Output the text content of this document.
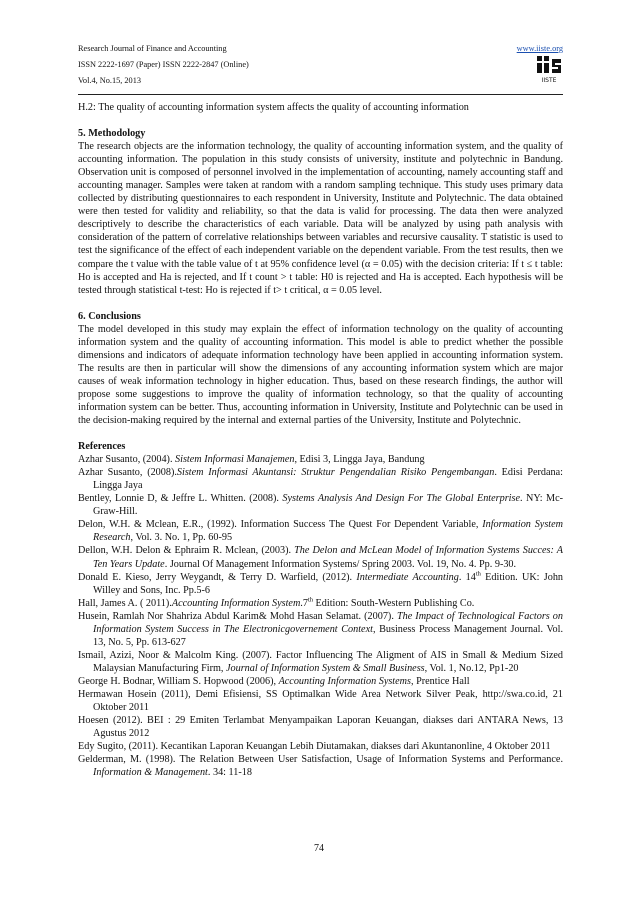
Research Journal of Finance and Accounting
ISSN 2222-1697 (Paper) ISSN 2222-2847 (Online)
Vol.4, No.15, 2013
www.iiste.org
IISTE

H.2: The quality of accounting information system affects the quality of accounting information

5. Methodology

The research objects are the information technology, the quality of accounting information system, and the quality of accounting information. The population in this study consists of university, institute and polytechnic in Bandung. Observation unit is composed of personnel involved in the implementation of accounting, namely accounting staff and accounting manager. Samples were taken at random with a random sampling technique. This study uses primary data collected by distributing questionnaires to each respondent in University, Institute and Polytechnic. The data obtained were then tested for validity and reliability, so that the data is valid for processing. The data then were analyzed descriptively to describe the characteristics of each variable. Data will be analyzed by using path analysis with consideration of the pattern of correlative relationships between variables and recursive causality. T statistic is used to test the significance of the effect of each independent variable on the dependent variable. From the test results, then we compare the t value with the table value of t at 95% confidence level (α = 0.05) with the decision criteria: If t ≤ t table: Ho is accepted and Ha is rejected, and If t count > t table: H0 is rejected and Ha is accepted. Each hypothesis will be tested through statistical t-test: Ho is rejected if t> t critical, α = 0.05 level.

6. Conclusions

The model developed in this study may explain the effect of information technology on the quality of accounting information system and the quality of accounting information. This model is able to predict whether the possible dimensions and indicators of adequate information technology have been applied in accounting information system. The results are then in particular will show the dimensions of any accounting information system which are major causes of weak information technology in higher education. Thus, based on these research findings, the author will propose some suggestions to improve the quality of information technology, so that the quality of accounting information system can be better. Thus, accounting information in University, Institute and Polytechnic can be used in the decision-making required by the internal and external parties of the University, Institute and Polytechnic.

References

Azhar Susanto, (2004). Sistem Informasi Manajemen, Edisi 3, Lingga Jaya, Bandung

Azhar Susanto, (2008).Sistem Informasi Akuntansi: Struktur Pengendalian Risiko Pengembangan. Edisi Perdana: Lingga Jaya

Bentley, Lonnie D, & Jeffre L. Whitten. (2008). Systems Analysis And Design For The Global Enterprise. NY: Mc-Graw-Hill.

Delon, W.H. & Mclean, E.R., (1992). Information Success The Quest For Dependent Variable, Information System Research, Vol. 3. No. 1, Pp. 60-95

Dellon, W.H. Delon & Ephraim R. Mclean, (2003). The Delon and McLean Model of Information Systems Succes: A Ten Years Update. Journal Of Management Information Systems/ Spring 2003. Vol. 19, No. 4. Pp. 9-30.

Donald E. Kieso, Jerry Weygandt, & Terry D. Warfield, (2012). Intermediate Accounting. 14th Edition. UK: John Willey and Sons, Inc. Pp.5-6

Hall, James A. ( 2011).Accounting Information System.7th Edition: South-Western Publishing Co.

Husein, Ramlah Nor Shahriza Abdul Karim& Mohd Hasan Selamat. (2007). The Impact of Technological Factors on Information System Success in The Electronicgovernement Context, Business Process Management Journal. Vol. 13, No. 5, Pp. 613-627

Ismail, Azizi, Noor & Malcolm King. (2007). Factor Influencing The Aligment of AIS in Small & Medium Sized Malaysian Manufacturing Firm, Journal of Information System & Small Business, Vol. 1, No.12, Pp1-20

George H. Bodnar, William S. Hopwood (2006), Accounting Information Systems, Prentice Hall

Hermawan Hosein (2011), Demi Efisiensi, SS Optimalkan Wide Area Network Silver Peak, http://swa.co.id, 21 Oktober 2011

Hoesen (2012). BEI : 29 Emiten Terlambat Menyampaikan Laporan Keuangan, diakses dari ANTARA News, 13 Agustus 2012

Edy Sugito, (2011). Kecantikan Laporan Keuangan Lebih Diutamakan, diakses dari Akuntanonline, 4 Oktober 2011

Gelderman, M. (1998). The Relation Between User Satisfaction, Usage of Information Systems and Performance. Information & Management. 34: 11-18

74
